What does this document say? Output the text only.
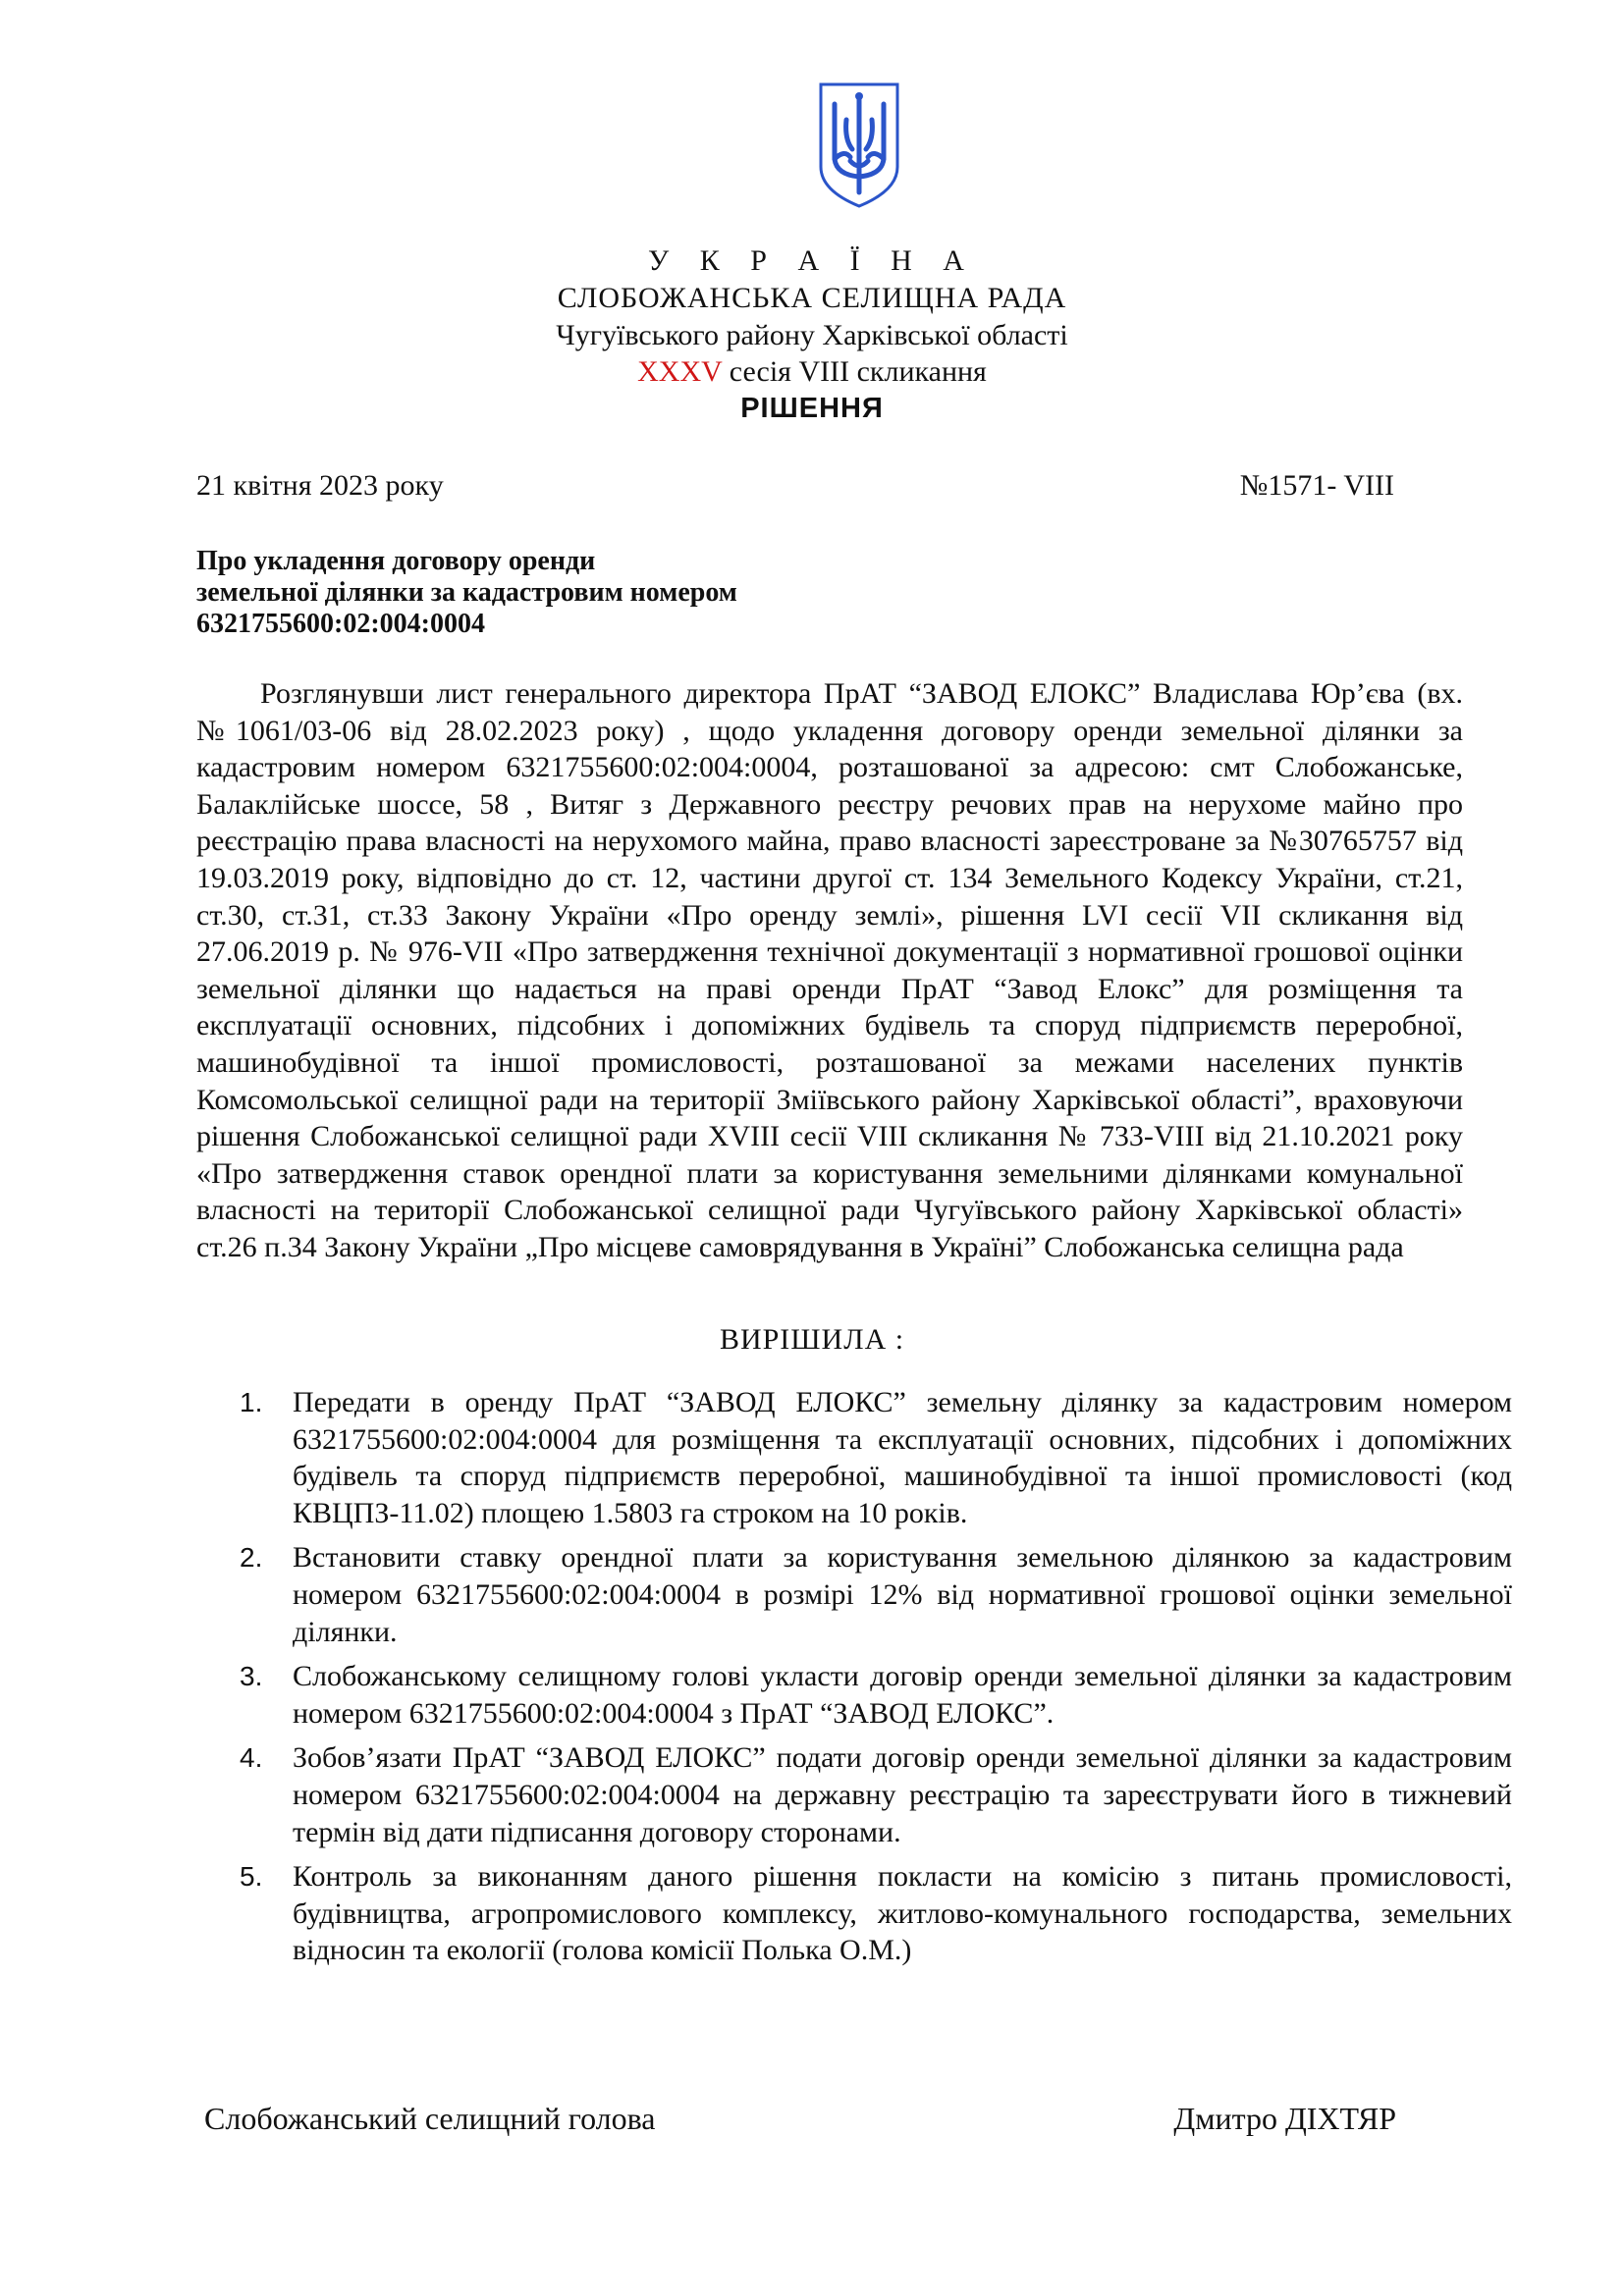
У К Р А Ї Н А
СЛОБОЖАНСЬКА СЕЛИЩНА РАДА
Чугуївського району Харківської області
XXXV сесія VIII скликання
РІШЕННЯ
21 квітня 2023 року	№1571- VIII
Про укладення договору оренди
земельної ділянки за кадастровим номером
6321755600:02:004:0004

Розглянувши лист генерального директора ПрАТ “ЗАВОД ЕЛОКС” Владислава Юр’єва (вх.№1061/03-06 від 28.02.2023 року) , щодо укладення договору оренди земельної ділянки за кадастровим номером 6321755600:02:004:0004, розташованої за адресою: смт Слобожанське, Балаклійське шоссе, 58 , Витяг з Державного реєстру речових прав на нерухоме майно про реєстрацію права власності на нерухомого майна, право власності зареєстроване за №30765757 від 19.03.2019 року, відповідно до ст. 12, частини другої ст. 134 Земельного Кодексу України, ст.21, ст.30, ст.31, ст.33 Закону України «Про оренду землі», рішення LVI сесії VII скликання від 27.06.2019 р. № 976-VII «Про затвердження технічної документації з нормативної грошової оцінки земельної ділянки що надається на праві оренди ПрАТ “Завод Елокс” для розміщення та експлуатації основних, підсобних і допоміжних будівель та споруд підприємств переробної, машинобудівної та іншої промисловості, розташованої за межами населених пунктів Комсомольської селищної ради на території Зміївського району Харківської області”, враховуючи рішення Слобожанської селищної ради XVIII сесії VIII скликання № 733-VIII від 21.10.2021 року «Про затвердження ставок орендної плати за користування земельними ділянками комунальної власності на території Слобожанської селищної ради Чугуївського району Харківської області» ст.26 п.34 Закону України „Про місцеве самоврядування в Україні” Слобожанська селищна рада

ВИРІШИЛА :
1. Передати в оренду ПрАТ “ЗАВОД ЕЛОКС” земельну ділянку за кадастровим номером 6321755600:02:004:0004 для розміщення та експлуатації основних, підсобних і допоміжних будівель та споруд підприємств переробної, машинобудівної та іншої промисловості (код КВЦПЗ-11.02) площею 1.5803 га строком на 10 років.
2. Встановити ставку орендної плати за користування земельною ділянкою за кадастровим номером 6321755600:02:004:0004 в розмірі 12% від нормативної грошової оцінки земельної ділянки.
3. Слобожанському селищному голові укласти договір оренди земельної ділянки за кадастровим номером 6321755600:02:004:0004 з ПрАТ “ЗАВОД ЕЛОКС”.
4. Зобов’язати ПрАТ “ЗАВОД ЕЛОКС” подати договір оренди земельної ділянки за кадастровим номером 6321755600:02:004:0004 на державну реєстрацію та зареєструвати його в тижневий термін від дати підписання договору сторонами.
5. Контроль за виконанням даного рішення покласти на комісію з питань промисловості, будівництва, агропромислового комплексу, житлово-комунального господарства, земельних відносин та екології (голова комісії Полька О.М.)
Слобожанський селищний голова	Дмитро ДІХТЯР
